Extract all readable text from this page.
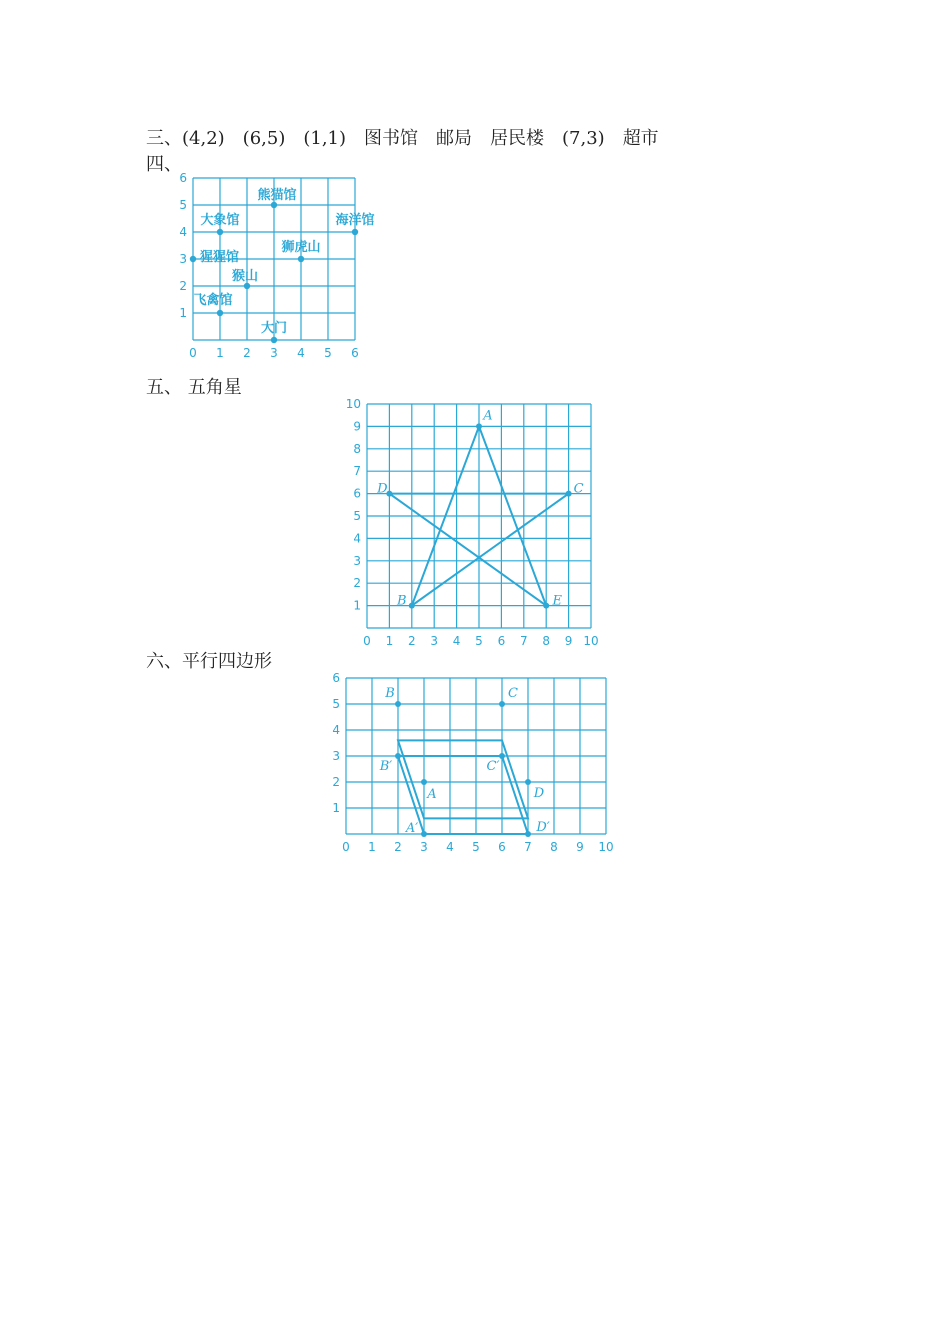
三、(4,2) (6,5) (1,1) 图书馆 邮局 居民楼 (7,3) 超市
四、
五、 五角星
六、平行四边形
0 1 2 3 4 5 6
1
2
3
4
5
6
熊猫馆
大象馆	海洋馆
猩猩馆
狮虎山
猴山
飞禽馆
大门
0 1 2 3 4 5 6 7 8 9 10
1
2
3
4
5
6
7
8
9
10
A
B
C
D
E
0 1 2 3 4 5 6 7 8 9 10
1
2
3
4
5
6
B	C
A	D
B′	C′
A′	D′
